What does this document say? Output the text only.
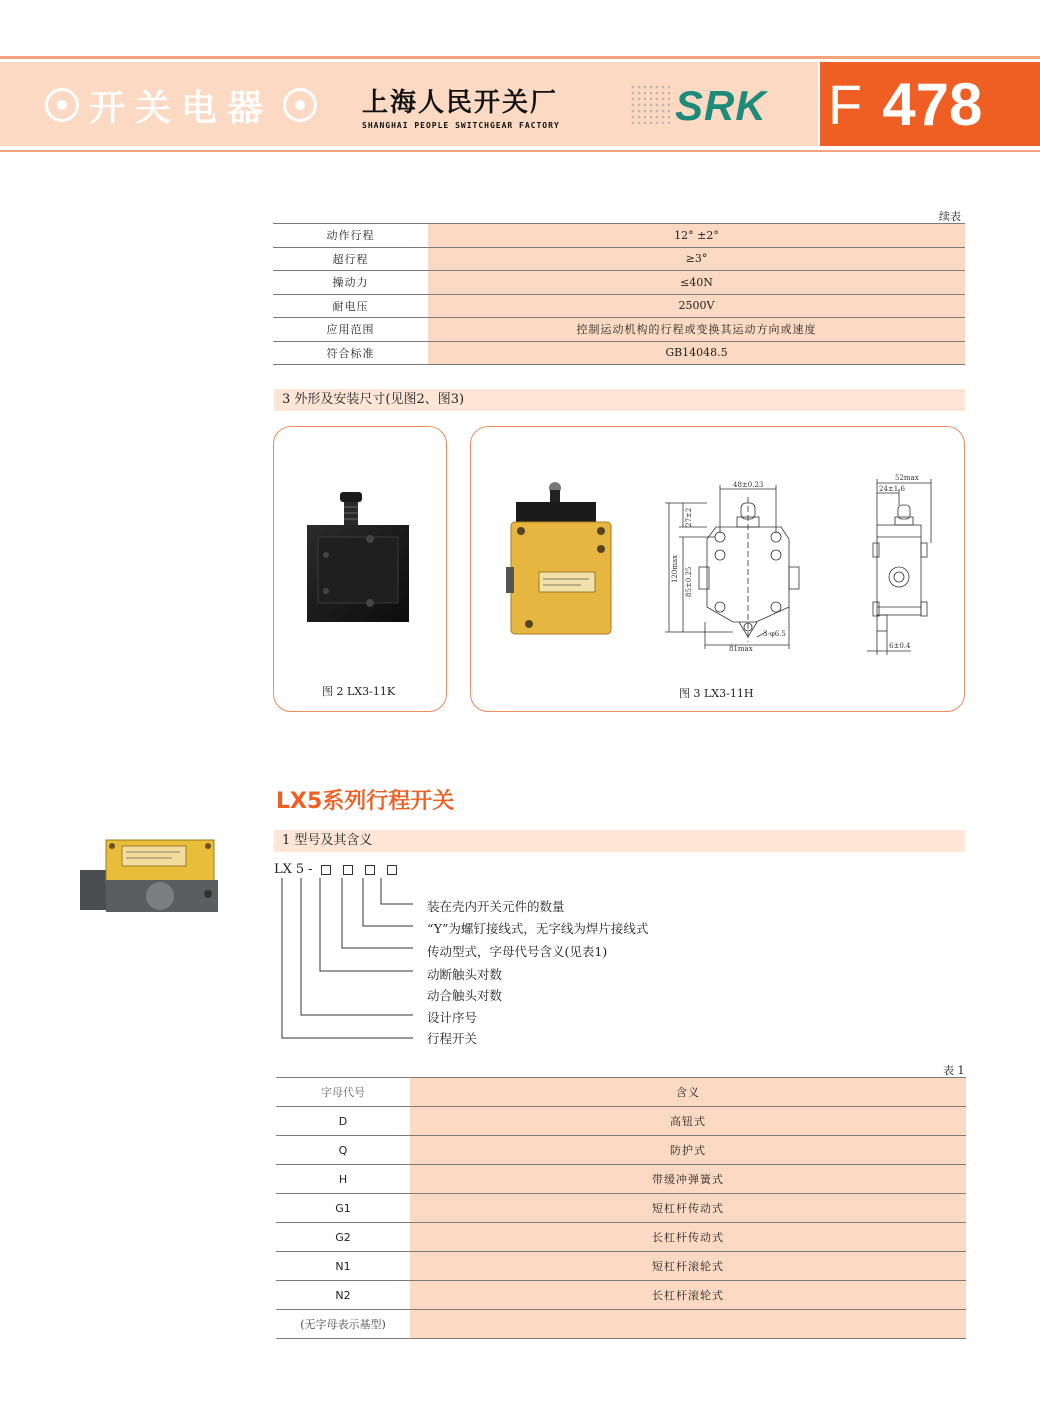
开关电器	上海人民开关厂
SHANGHAI PEOPLE SWITCHGEAR FACTORY	SRK F 478
续表
动作行程	12° ±2°
超行程	≥3°
操动力	≤40N
耐电压	2500V
应用范围	控制运动机构的行程或变换其运动方向或速度
符合标准	GB14048.5
3 外形及安装尺寸(见图2、图3)
图 2 LX3-11K
48±0.23
27±2
120max 85±0.25
3-φ6.5
81max
52max
24±1.6
6±0.4
图 3 LX3-11H
LX5系列行程开关
1 型号及其含义
LX 5 -
装在壳内开关元件的数量
“Y”为螺钉接线式，无字线为焊片接线式
传动型式，字母代号含义(见表1)
动断触头对数
动合触头对数
设计序号
行程开关
表 1
字母代号	含义
D	高钮式
Q	防护式
H	带缓冲弹簧式
G1	短杠杆传动式
G2	长杠杆传动式
N1	短杠杆滚轮式
N2	长杠杆滚轮式
(无字母表示基型)	
